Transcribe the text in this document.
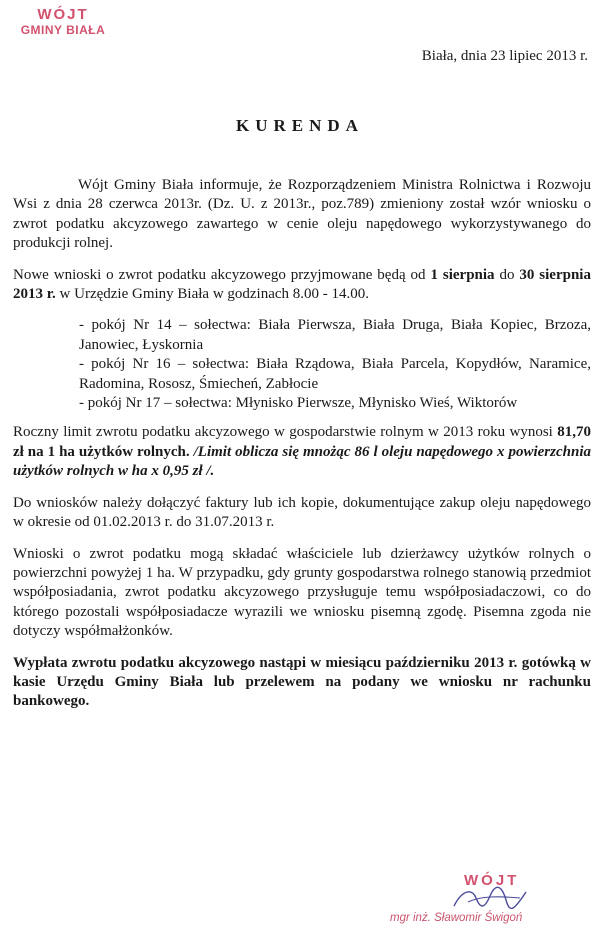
WÓJT
GMINY BIAŁA
Biała, dnia 23 lipiec 2013 r.
KURENDA

Wójt Gminy Biała informuje, że Rozporządzeniem Ministra Rolnictwa i Rozwoju Wsi z dnia 28 czerwca 2013r. (Dz. U. z 2013r., poz.789) zmieniony został wzór wniosku o zwrot podatku akcyzowego zawartego w cenie oleju napędowego wykorzystywanego do produkcji rolnej.

Nowe wnioski o zwrot podatku akcyzowego przyjmowane będą od 1 sierpnia do 30 sierpnia 2013 r. w Urzędzie Gminy Biała w godzinach 8.00 - 14.00.

- pokój Nr 14 – sołectwa: Biała Pierwsza, Biała Druga, Biała Kopiec, Brzoza, Janowiec, Łyskornia

- pokój Nr 16 – sołectwa: Biała Rządowa, Biała Parcela, Kopydłów, Naramice, Radomina, Rososz, Śmiecheń, Zabłocie

- pokój Nr 17 – sołectwa: Młynisko Pierwsze, Młynisko Wieś, Wiktorów

Roczny limit zwrotu podatku akcyzowego w gospodarstwie rolnym w 2013 roku wynosi 81,70 zł na 1 ha użytków rolnych. /Limit oblicza się mnożąc 86 l oleju napędowego x powierzchnia użytków rolnych w ha x 0,95 zł /.

Do wniosków należy dołączyć faktury lub ich kopie, dokumentujące zakup oleju napędowego w okresie od 01.02.2013 r. do 31.07.2013 r.

Wnioski o zwrot podatku mogą składać właściciele lub dzierżawcy użytków rolnych o powierzchni powyżej 1 ha. W przypadku, gdy grunty gospodarstwa rolnego stanowią przedmiot współposiadania, zwrot podatku akcyzowego przysługuje temu współposiadaczowi, co do którego pozostali współposiadacze wyrazili we wniosku pisemną zgodę. Pisemna zgoda nie dotyczy współmałżonków.

Wypłata zwrotu podatku akcyzowego nastąpi w miesiącu październiku 2013 r. gotówką w kasie Urzędu Gminy Biała lub przelewem na podany we wniosku nr rachunku bankowego.

WÓJT
mgr inż. Sławomir Świgoń
